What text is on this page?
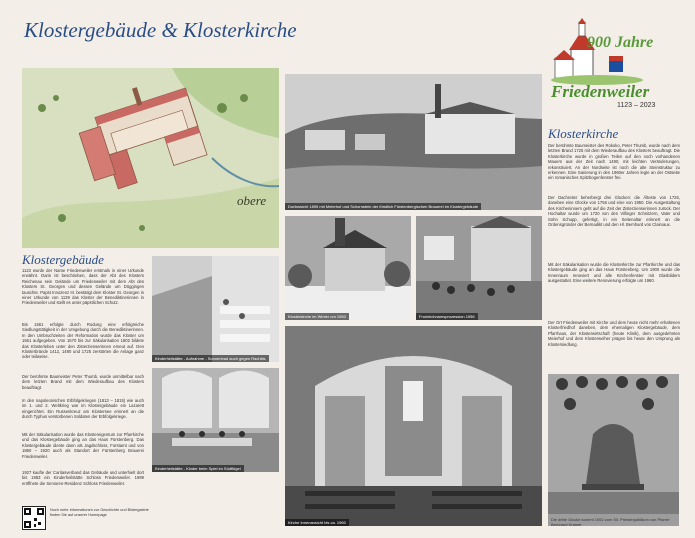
Klostergebäude & Klosterkirche
900 Jahre
Friedenweiler
1123 – 2023
obere	Dorfansicht 1895 mit Meierhof und Schornstein der fürstlich Fürstenbergischen Brauerei im Klostergebäude
Klosterkirche
Der berühmte Baumeister des Rokoko, Peter Thumb, wurde nach dem letzten Brand 1725 mit dem Wiederaufbau des Klosters beauftragt. Die Klosterkirche wurde in großen Teilen auf den noch vorhandenen Mauern aus der Zeit nach 1490, mit leichten Veränderungen, rekonstruiert. An der Nordseite ist noch die alte Steinstruktur zu erkennen. Eine Sanierung in den 1960er Jahren legte an der Ostseite ein romanisches Spitzbogenfenster frei.
Der Dachreiter beherbergt drei Glocken: die Älteste von 1726, daneben eine Glocke von 1756 und eine von 1950. Die Ausgestaltung des Kircheninnern geht auf die Zeit der Zisterzienserinnen zurück. Der Hochaltar wurde um 1720 von den Villinger Schnitzern, Vater und Sohn Schupp, gefertigt, in ein Seitenaltar erinnert an die Ordensgründer der Bernadikt und den Hl. Bernhard von Clairvaux.
Mit der Säkularisation wurde die Klosterkirche zur Pfarrkirche und das Klostergebäude ging an das Haus Fürstenberg. Um 1900 wurde die Innenraum renoviert und alle Kirchenfenster mit Glasbildern ausgestattet. Eine weitere Renovierung erfolgte um 1960.
Der Ort Friedenweiler mit Kirche und dem heute nicht mehr erhaltenen Klosterfriedhof daneben, dem ehemaligen Klostergebäude, dem Pfarrhaus, der Klosterwirtschaft (heute Klinik), dem ausgedehnten Meierhof und dem Klosterweiher prägen bis heute den Ursprung als Klostersiedlung.
Klosterkirche im Winter um 1950	Fronleichnamsprozession 1956
Klostergebäude
1123 wurde der Name Friedenweiler erstmals in einer Urkunde erwähnt. Darin ist beschrieben, dass der Abt des Klosters Reichenau sein Gelände um Friedenweiler mit dem Abt des Klosters St. Georgen und dessen Gelände um Döggingen tauschte. Papst Innozenz III. bestätigt dem Kloster St. Georgen in einer Urkunde von 1139 das Kloster der Benediktinerinnen in Friedenweiler und stellt es unter päpstlichen Schutz.
Bis 1561 erfolgte durch Rodung eine erfolgreiche Siedlungstätigkeit in der Umgebung durch die Benediktinerinnen. In den Umbruchzeiten der Reformation wurde das Kloster um 1561 aufgegeben. Von 1570 bis zur Säkularisation 1802 bildete das Klosterleben unter den Zisterzienserinnen erneut auf. Den Klosterbrände 1412, 1490 und 1725 zerstörten die Anlage ganz oder teilweise.
Der berühmte Baumeister Peter Thumb, wurde unmittelbar nach dem letzten Brand mit dem Wiederaufbau des Klosters beauftragt.
In den napoleonischen Erbfolgekriegen (1813 – 1815) wie auch im 1. und 2. Weltkrieg war im Klostergebäude ein Lazarett eingerichtet. Ein Russenkreuz am Klostersee erinnert an die durch Typhus verstorbenen Soldaten der Erbfolgekriege.
Mit der Säkularisation wurde das Klostereigentum zur Pfarrkirche und das Klostergebäude ging an das Haus Fürstenberg. Das Klostergebäude diente dann als Jagdschloss, Forstamt und von 1860 – 1920 auch als Standort der Fürstenberg Brauerei Friedenweiler.
1927 kaufte der Caritasverband das Gebäude und unterhielt dort bis 1983 ein Kinderheilstätte Schloss Friedenweiler. 1989 eröffnete die Senioren-Residenz Schloss Friedenweiler.
Kinderheilstätte - Aufnahme - Sonnenbad auch gegen Rachitis
Kinderheilstätte - Kinder beim Spiel im Südflügel
Kirche Innenansicht bis ca. 1960
Die dritte Glocke kommt 1952 zum 50. Priesterjubiläum von Pfarrer Bernhard Kramer
Noch mehr Informationen zur Geschichte und Bildergalerie finden Sie auf unserer Homepage
